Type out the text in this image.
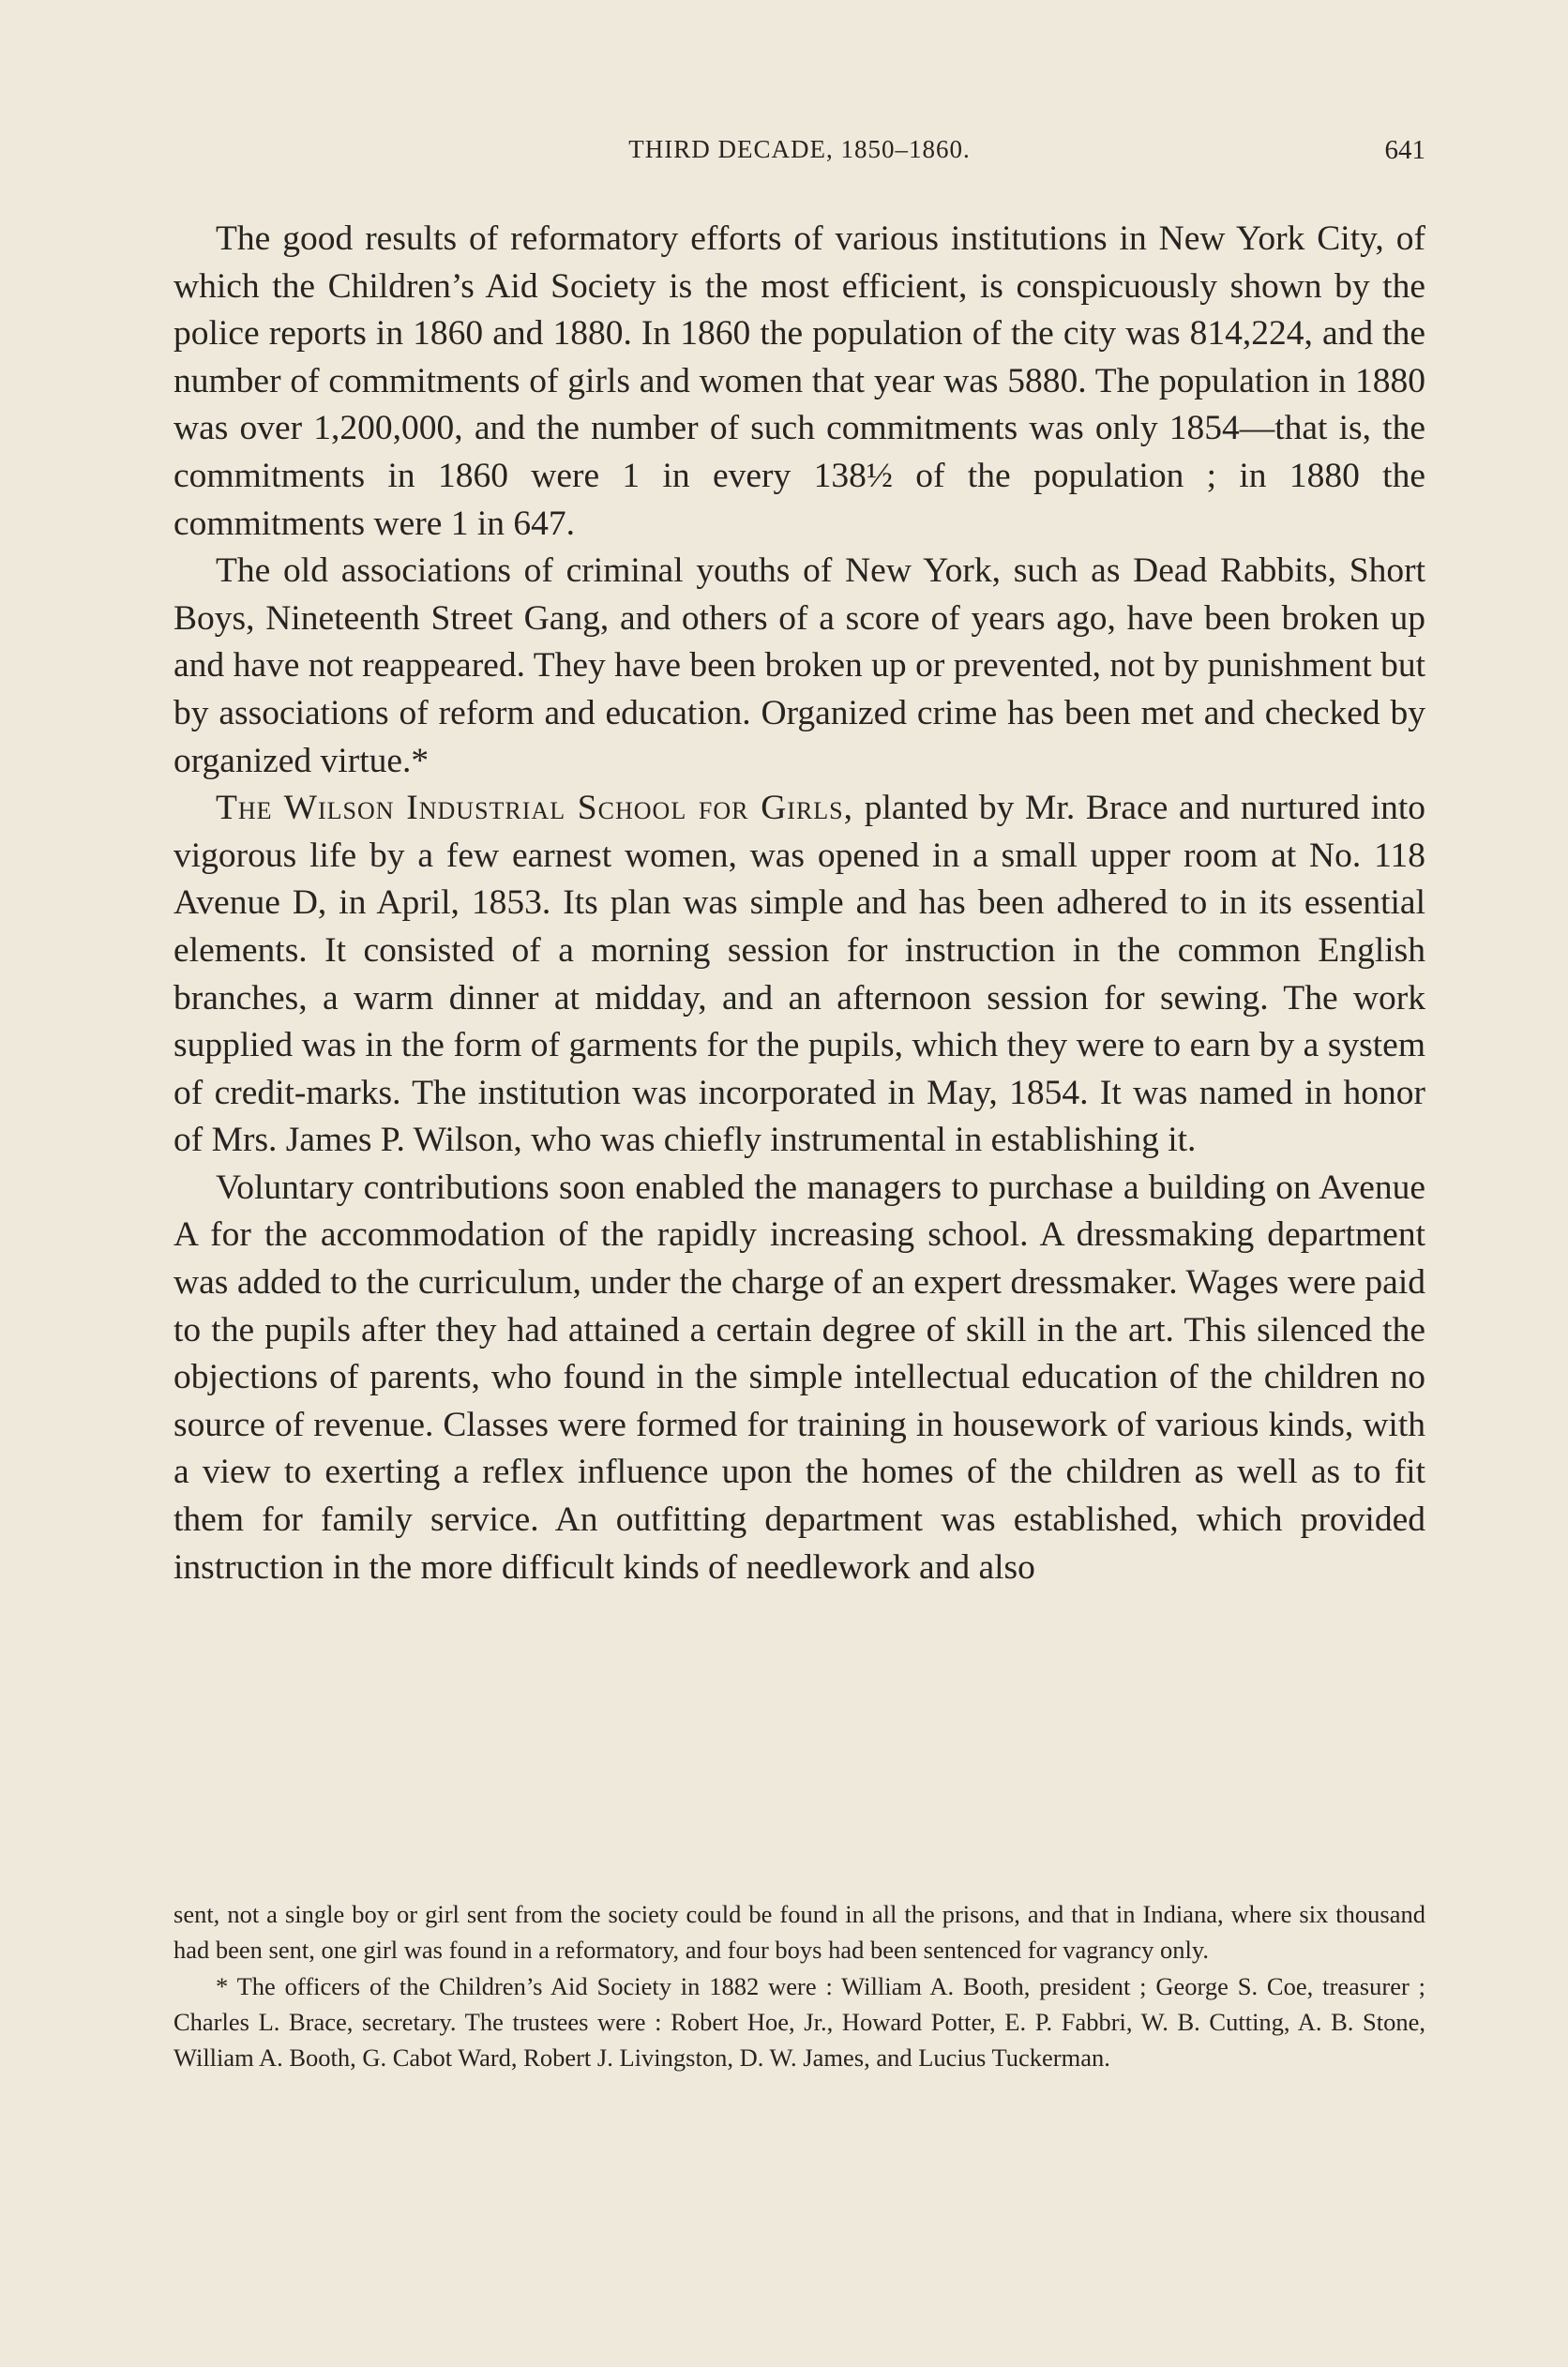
THIRD DECADE, 1850–1860.	641

The good results of reformatory efforts of various institutions in New York City, of which the Children’s Aid Society is the most efficient, is conspicuously shown by the police reports in 1860 and 1880. In 1860 the population of the city was 814,224, and the number of commitments of girls and women that year was 5880. The population in 1880 was over 1,200,000, and the number of such commitments was only 1854—that is, the commitments in 1860 were 1 in every 138½ of the population ; in 1880 the commitments were 1 in 647.

The old associations of criminal youths of New York, such as Dead Rabbits, Short Boys, Nineteenth Street Gang, and others of a score of years ago, have been broken up and have not reappeared. They have been broken up or prevented, not by punishment but by associations of reform and education. Organized crime has been met and checked by organized virtue.*

The Wilson Industrial School for Girls, planted by Mr. Brace and nurtured into vigorous life by a few earnest women, was opened in a small upper room at No. 118 Avenue D, in April, 1853. Its plan was simple and has been adhered to in its essential elements. It consisted of a morning session for instruction in the common English branches, a warm dinner at midday, and an afternoon session for sewing. The work supplied was in the form of garments for the pupils, which they were to earn by a system of credit-marks. The institution was incorporated in May, 1854. It was named in honor of Mrs. James P. Wilson, who was chiefly instrumental in establishing it.

Voluntary contributions soon enabled the managers to purchase a building on Avenue A for the accommodation of the rapidly increasing school. A dressmaking department was added to the curriculum, under the charge of an expert dressmaker. Wages were paid to the pupils after they had attained a certain degree of skill in the art. This silenced the objections of parents, who found in the simple intellectual education of the children no source of revenue. Classes were formed for training in housework of various kinds, with a view to exerting a reflex influence upon the homes of the children as well as to fit them for family service. An outfitting department was established, which provided instruction in the more difficult kinds of needlework and also

sent, not a single boy or girl sent from the society could be found in all the prisons, and that in Indiana, where six thousand had been sent, one girl was found in a reformatory, and four boys had been sentenced for vagrancy only.

* The officers of the Children’s Aid Society in 1882 were : William A. Booth, president ; George S. Coe, treasurer ; Charles L. Brace, secretary. The trustees were : Robert Hoe, Jr., Howard Potter, E. P. Fabbri, W. B. Cutting, A. B. Stone, William A. Booth, G. Cabot Ward, Robert J. Livingston, D. W. James, and Lucius Tuckerman.
